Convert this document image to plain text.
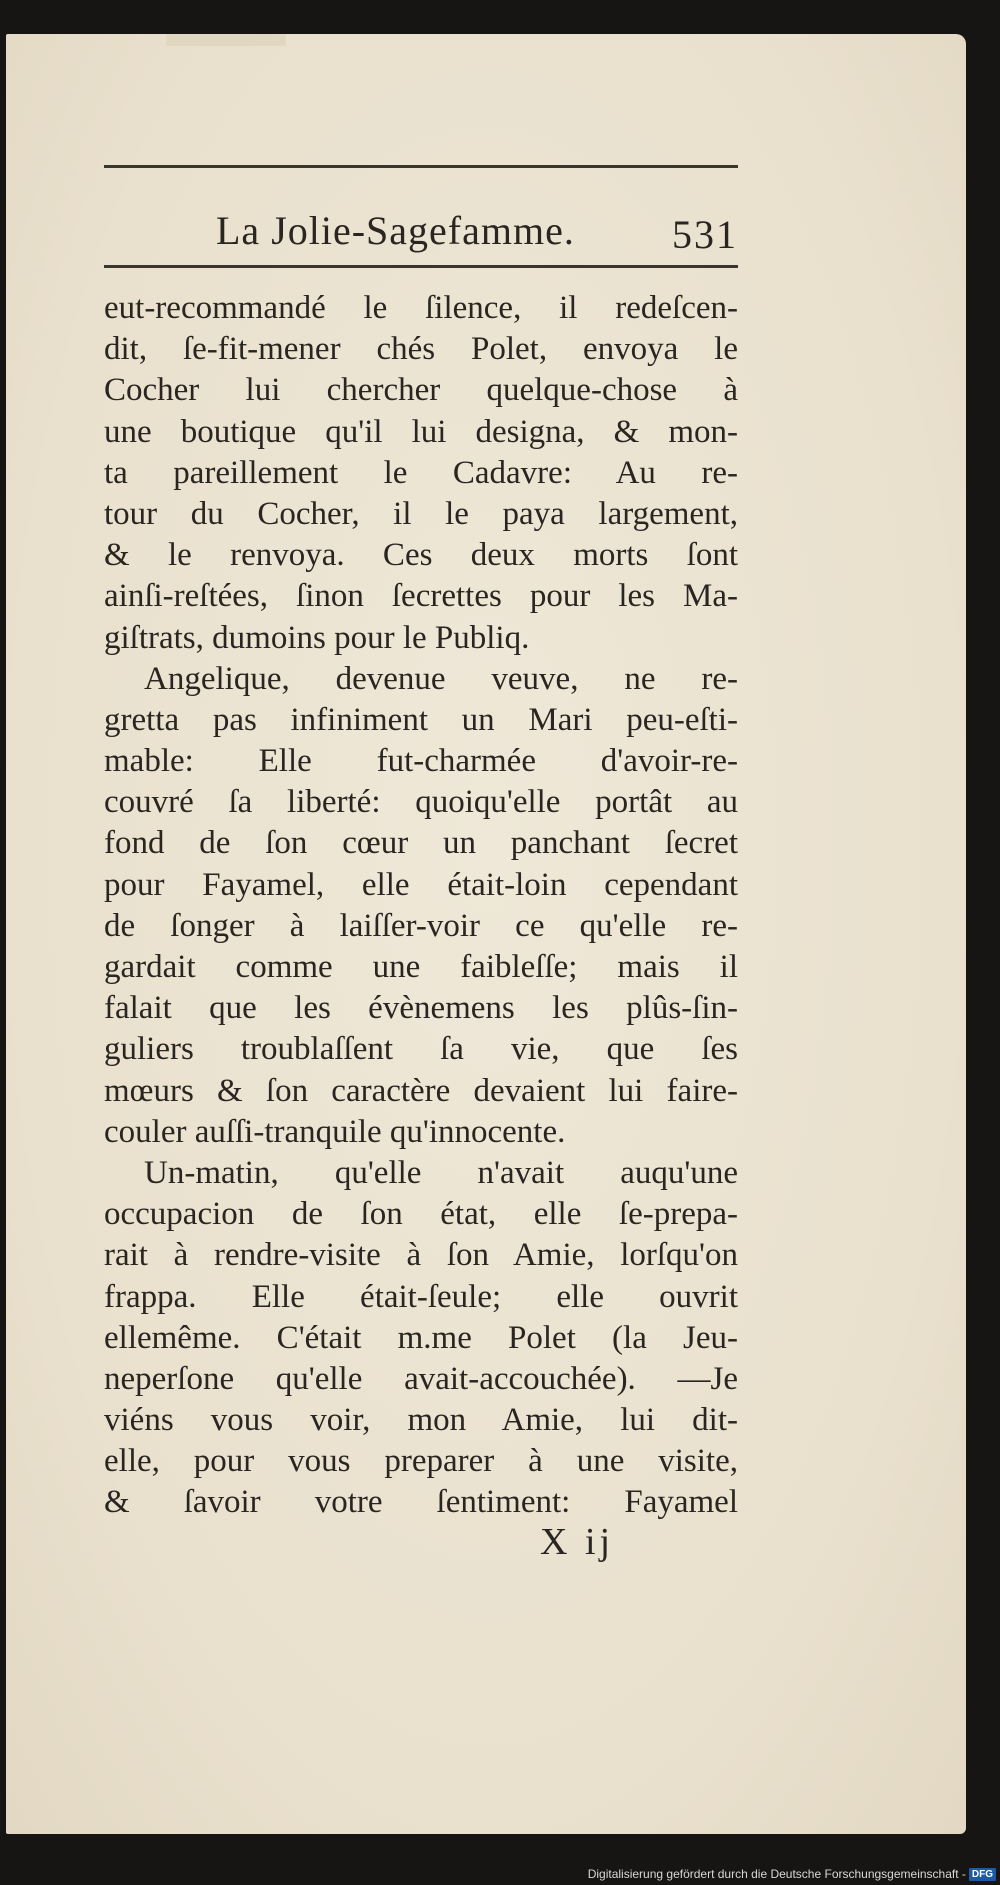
La Jolie-Sagefamme. 531
eut-recommandé le ſilence, il redeſcen-
dit, ſe-fit-mener chés Polet, envoya le
Cocher lui chercher quelque-chose à
une boutique qu'il lui designa, & mon-
ta pareillement le Cadavre: Au re-
tour du Cocher, il le paya largement,
& le renvoya. Ces deux morts ſont
ainſi-reſtées, ſinon ſecrettes pour les Ma-
giſtrats, dumoins pour le Publiq.
Angelique, devenue veuve, ne re-
gretta pas infiniment un Mari peu-eſti-
mable: Elle fut-charmée d'avoir-re-
couvré ſa liberté: quoiqu'elle portât au
fond de ſon cœur un panchant ſecret
pour Fayamel, elle était-loin cependant
de ſonger à laiſſer-voir ce qu'elle re-
gardait comme une faibleſſe; mais il
falait que les évènemens les plûs-ſin-
guliers troublaſſent ſa vie, que ſes
mœurs & ſon caractère devaient lui faire-
couler auſſi-tranquile qu'innocente.
Un-matin, qu'elle n'avait auqu'une
occupacion de ſon état, elle ſe-prepa-
rait à rendre-visite à ſon Amie, lorſqu'on
frappa. Elle était-ſeule; elle ouvrit
ellemême. C'était m.me Polet (la Jeu-
neperſone qu'elle avait-accouchée). —Je
viéns vous voir, mon Amie, lui dit-
elle, pour vous preparer à une visite,
& ſavoir votre ſentiment: Fayamel
X ij
Digitalisierung gefördert durch die Deutsche Forschungsgemeinschaft - DFG
